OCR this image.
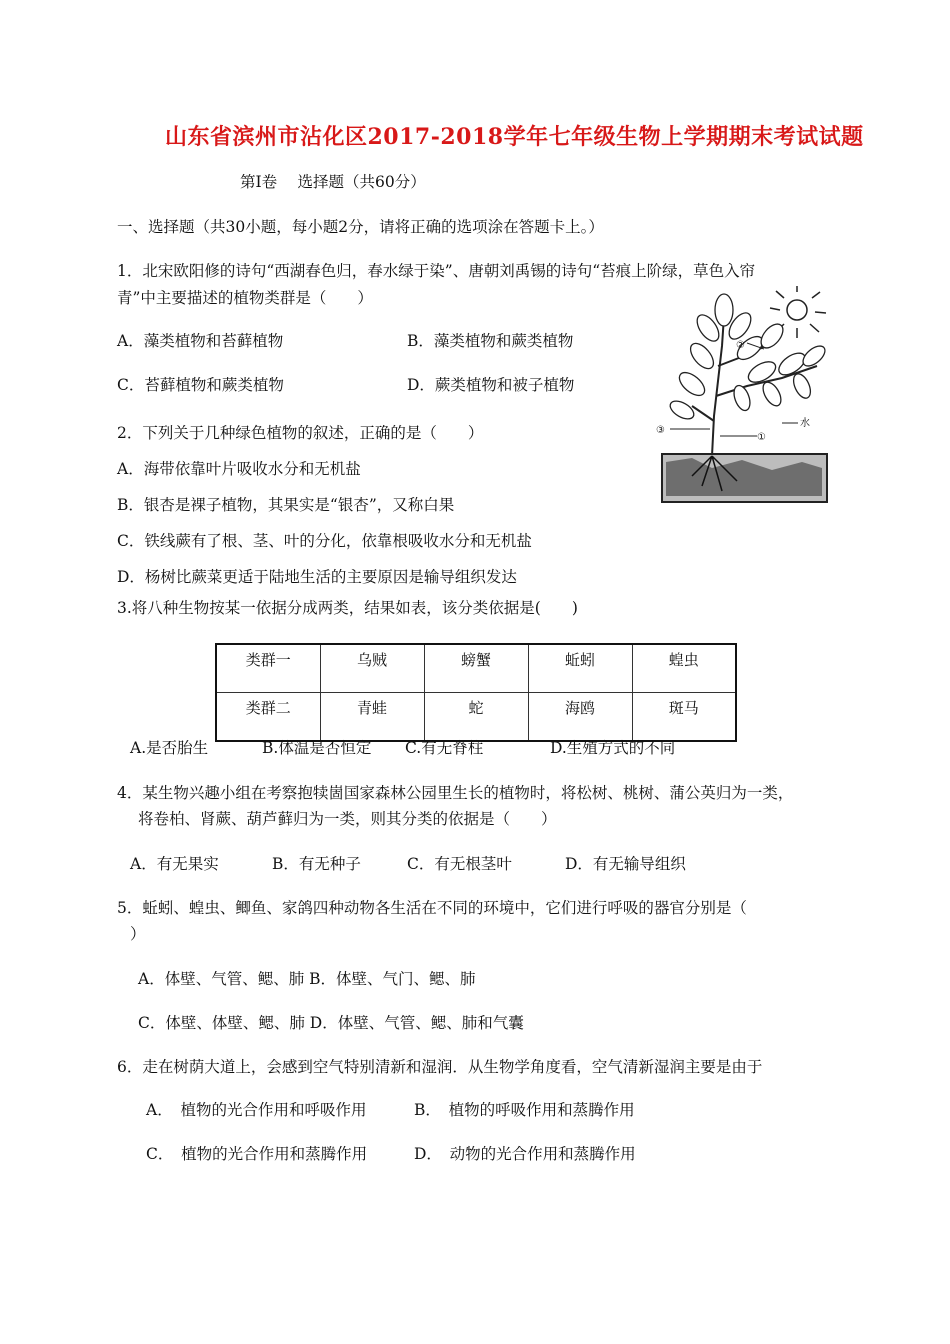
山东省滨州市沾化区2017-2018学年七年级生物上学期期末考试试题
第Ⅰ卷　 选择题（共60分）
一、选择题（共30小题，每小题2分，请将正确的选项涂在答题卡上。）
1．北宋欧阳修的诗句“西湖春色归，春水绿于染”、唐朝刘禹锡的诗句“苔痕上阶绿，草色入帘
青”中主要描述的植物类群是（　　）
A．藻类植物和苔藓植物	B．藻类植物和蕨类植物
C．苔藓植物和蕨类植物	D．蕨类植物和被子植物
③
①
②
水
2．下列关于几种绿色植物的叙述，正确的是（　　）
A．海带依靠叶片吸收水分和无机盐
B．银杏是裸子植物，其果实是“银杏”，又称白果
C．铁线蕨有了根、茎、叶的分化，依靠根吸收水分和无机盐
D．杨树比蕨菜更适于陆地生活的主要原因是输导组织发达
3.将八种生物按某一依据分成两类，结果如表，该分类依据是(　　)
类群一	乌贼	螃蟹	蚯蚓	蝗虫
类群二	青蛙	蛇	海鸥	斑马
A.是否胎生	B.体温是否恒定 C.有无脊柱	D.生殖方式的不同
4．某生物兴趣小组在考察抱犊崮国家森林公园里生长的植物时，将松树、桃树、蒲公英归为一类，
将卷柏、肾蕨、葫芦藓归为一类，则其分类的依据是（　　）
A．有无果实	B．有无种子	C．有无根茎叶	D．有无输导组织
5．蚯蚓、蝗虫、鲫鱼、家鸽四种动物各生活在不同的环境中，它们进行呼吸的器官分别是（
）
A．体壁、气管、鳃、肺 B．体壁、气门、鳃、肺
C．体壁、体壁、鳃、肺 D．体壁、气管、鳃、肺和气囊
6．走在树荫大道上，会感到空气特别清新和湿润．从生物学角度看，空气清新湿润主要是由于
A．　植物的光合作用和呼吸作用	B．　植物的呼吸作用和蒸腾作用
C．　植物的光合作用和蒸腾作用	D．　动物的光合作用和蒸腾作用
